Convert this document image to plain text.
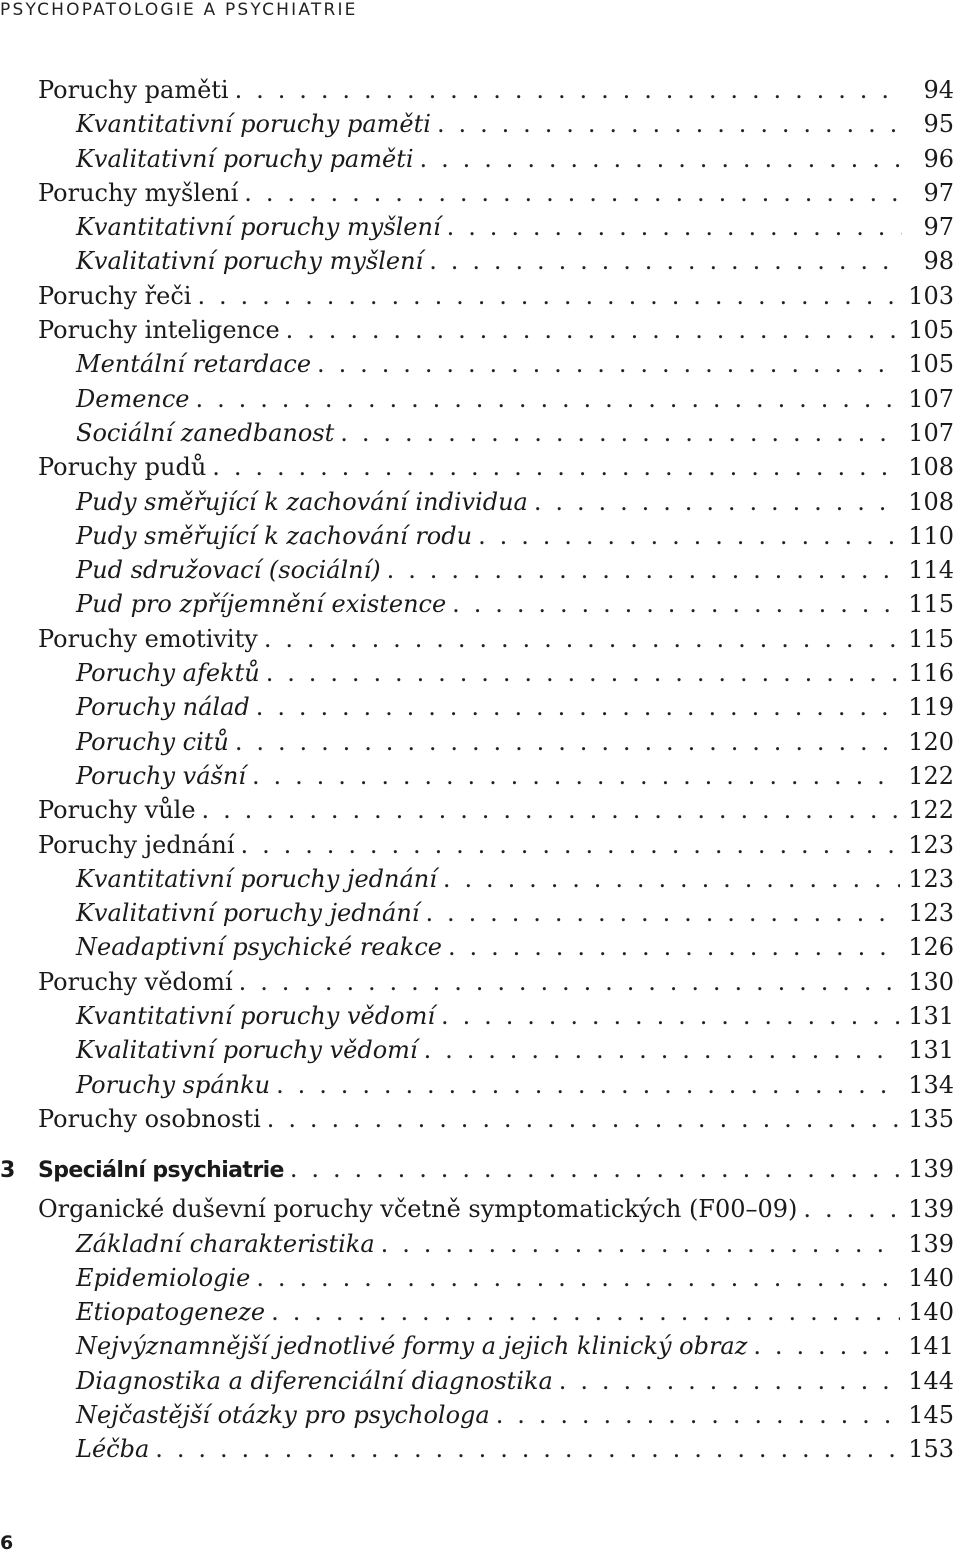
PSYCHOPATOLOGIE A PSYCHIATRIE
Poruchy paměti . . .	94
Kvantitativní poruchy paměti . . .	95
Kvalitativní poruchy paměti . . .	96
Poruchy myšlení . . .	97
Kvantitativní poruchy myšlení . . .	97
Kvalitativní poruchy myšlení . . .	98
Poruchy řeči . . .	103
Poruchy inteligence . . .	105
Mentální retardace . . .	105
Demence . . .	107
Sociální zanedbanost . . .	107
Poruchy pudů . . .	108
Pudy směřující k zachování individua . . .	108
Pudy směřující k zachování rodu . . .	110
Pud sdružovací (sociální) . . .	114
Pud pro zpříjemnění existence . . .	115
Poruchy emotivity . . .	115
Poruchy afektů . . .	116
Poruchy nálad . . .	119
Poruchy citů . . .	120
Poruchy vášní . . .	122
Poruchy vůle . . .	122
Poruchy jednání . . .	123
Kvantitativní poruchy jednání . . .	123
Kvalitativní poruchy jednání . . .	123
Neadaptivní psychické reakce . . .	126
Poruchy vědomí . . .	130
Kvantitativní poruchy vědomí . . .	131
Kvalitativní poruchy vědomí . . .	131
Poruchy spánku . . .	134
Poruchy osobnosti . . .	135
3	Speciální psychiatrie . . .	139
Organické duševní poruchy včetně symptomatických (F00–09) . . .	139
Základní charakteristika . . .	139
Epidemiologie . . .	140
Etiopatogeneze . . .	140
Nejvýznamnější jednotlivé formy a jejich klinický obraz . . .	141
Diagnostika a diferenciální diagnostika . . .	144
Nejčastější otázky pro psychologa . . .	145
Léčba . . .	153
6
